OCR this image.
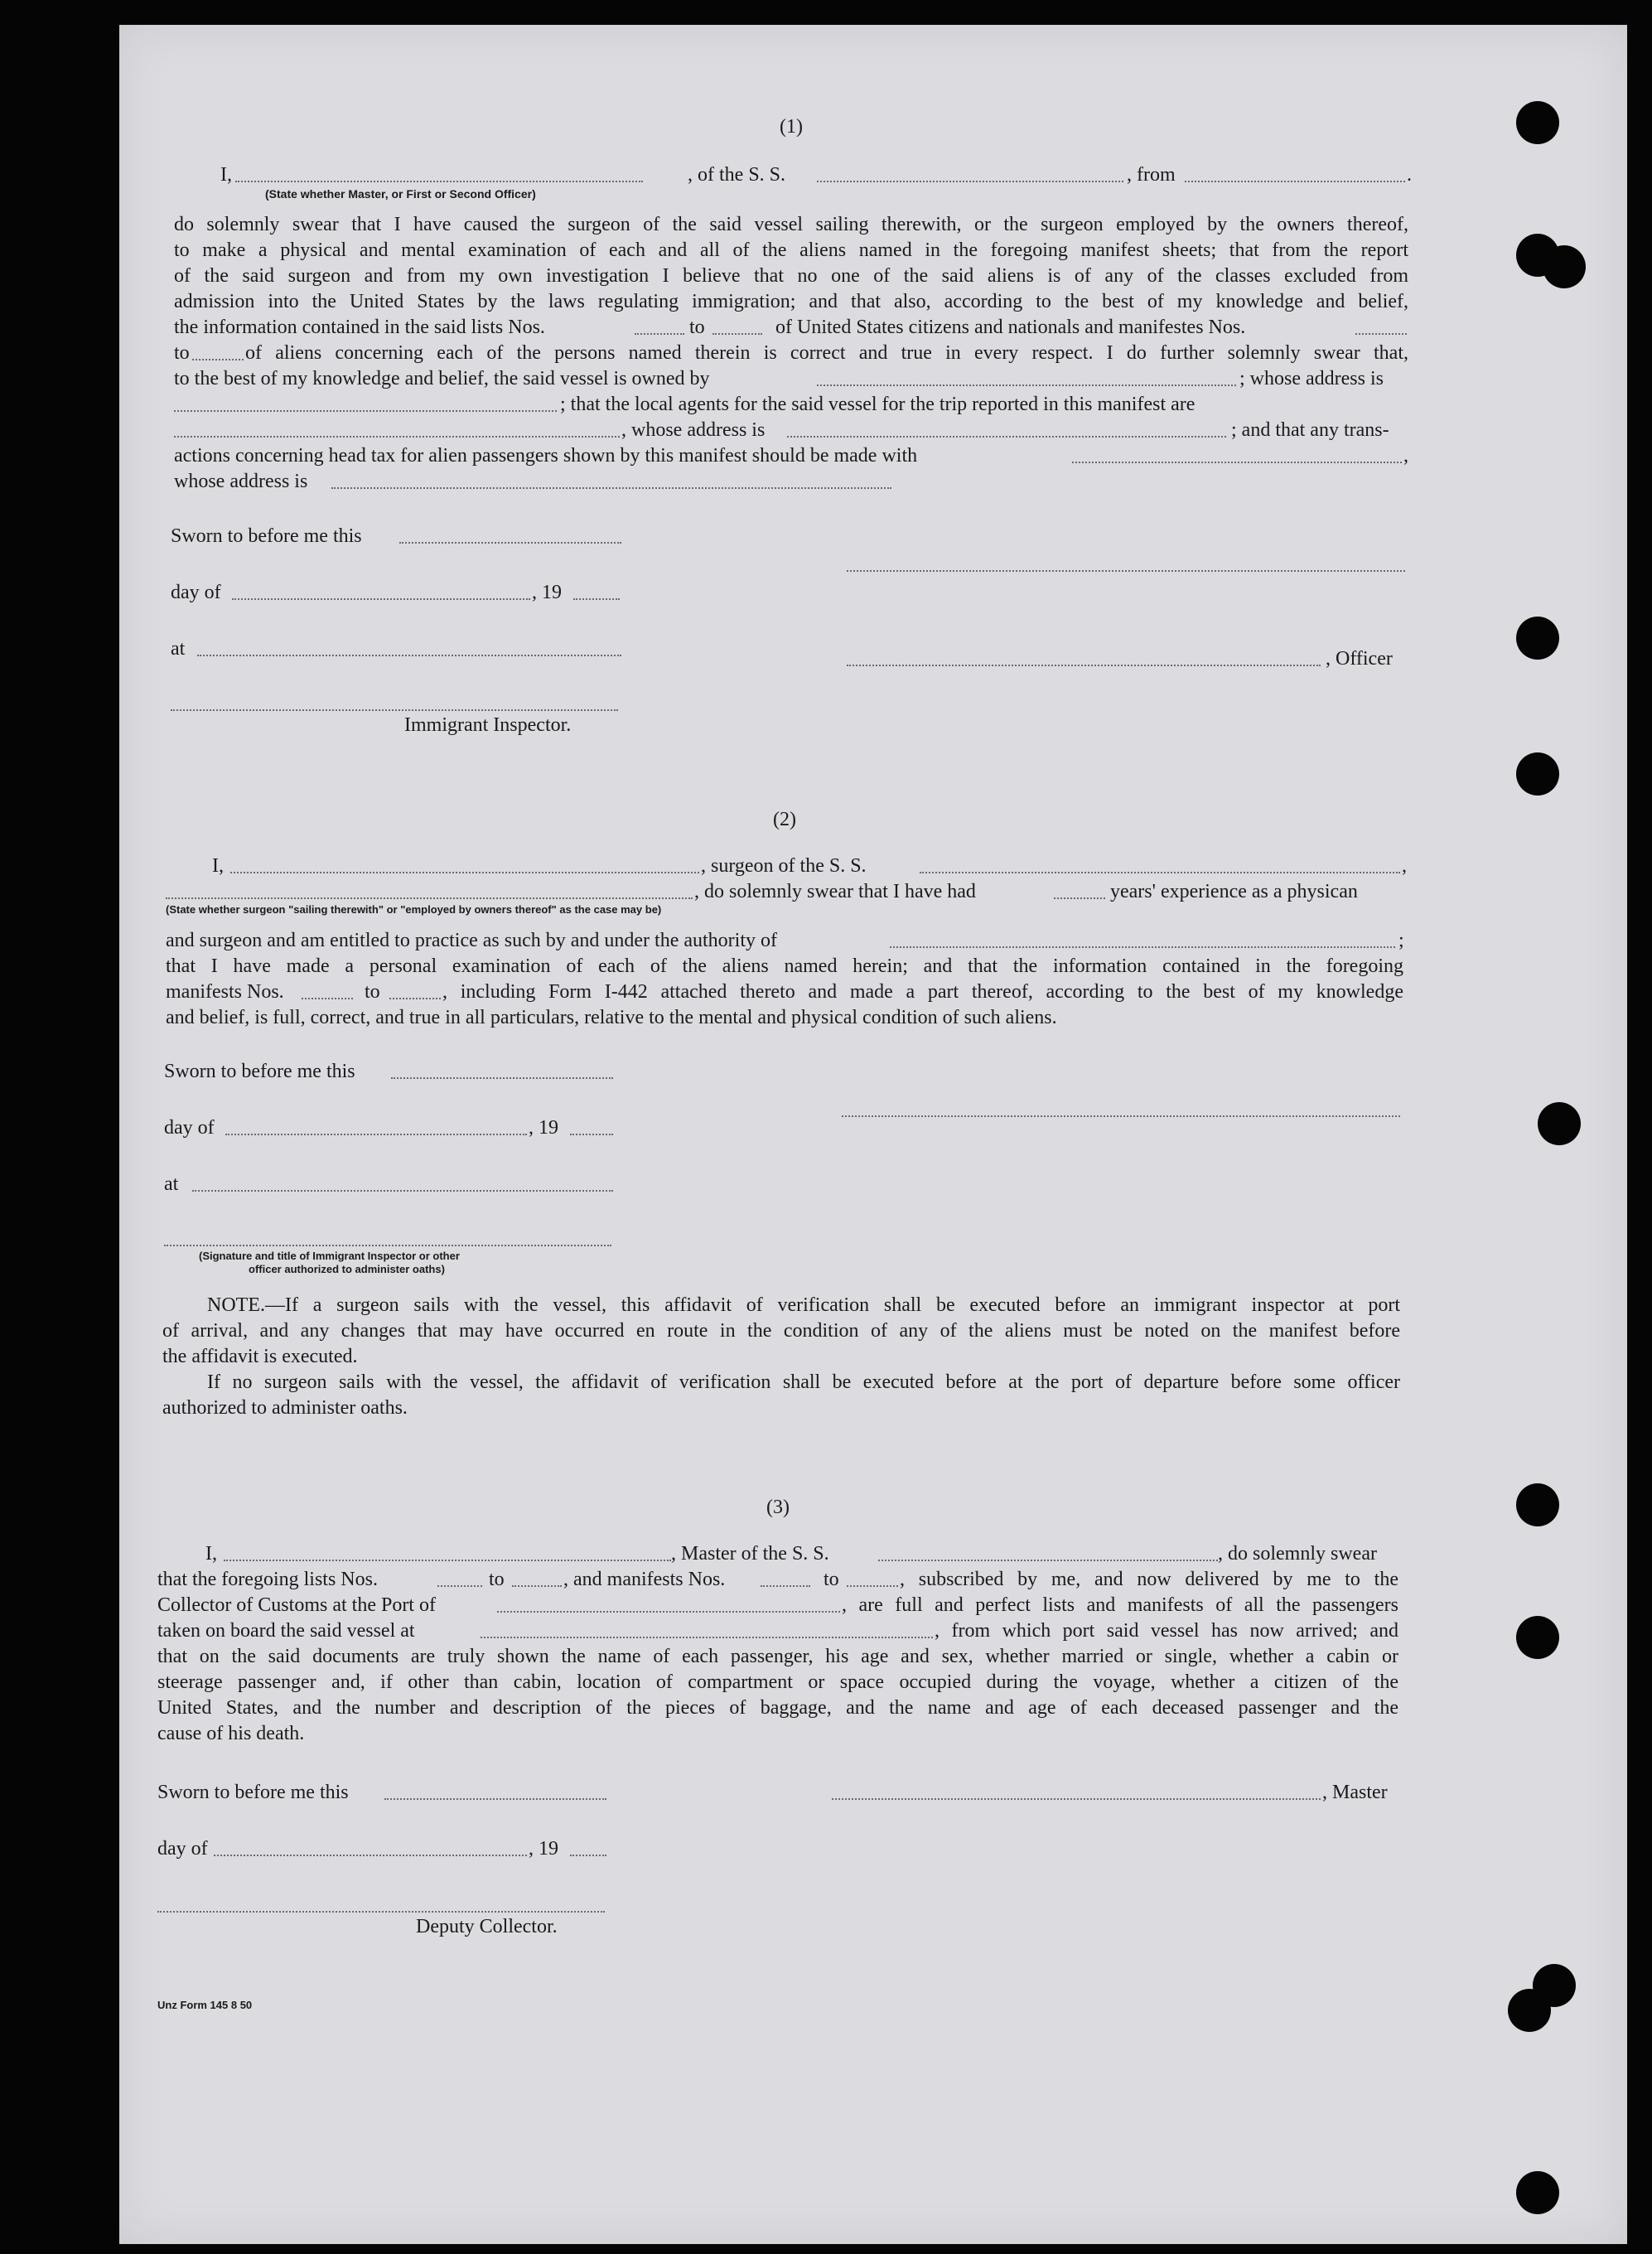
(1)
I,	, of the S. S.	, from	.
(State whether Master, or First or Second Officer)
do solemnly swear that I have caused the surgeon of the said vessel sailing therewith, or the surgeon employed by the owners thereof,
to make a physical and mental examination of each and all of the aliens named in the foregoing manifest sheets; that from the report
of the said surgeon and from my own investigation I believe that no one of the said aliens is of any of the classes excluded from
admission into the United States by the laws regulating immigration; and that also, according to the best of my knowledge and belief,
the information contained in the said lists Nos.	to	of United States citizens and nationals and manifestes Nos.
to	of aliens concerning each of the persons named therein is correct and true in every respect. I do further solemnly swear that,
to the best of my knowledge and belief, the said vessel is owned by	; whose address is
; that the local agents for the said vessel for the trip reported in this manifest are
, whose address is	; and that any trans-
actions concerning head tax for alien passengers shown by this manifest should be made with	,
whose address is
Sworn to before me this
day of	, 19
at	, Officer
Immigrant Inspector.
(2)
I,	, surgeon of the S. S.	,
, do solemnly swear that I have had	years' experience as a physican
(State whether surgeon "sailing therewith" or "employed by owners thereof" as the case may be)
and surgeon and am entitled to practice as such by and under the authority of	;
that I have made a personal examination of each of the aliens named herein; and that the information contained in the foregoing
manifests Nos.	to	, including Form I-442 attached thereto and made a part thereof, according to the best of my knowledge
and belief, is full, correct, and true in all particulars, relative to the mental and physical condition of such aliens.
Sworn to before me this
day of	, 19
at
(Signature and title of Immigrant Inspector or other
officer authorized to administer oaths)
NOTE.—If a surgeon sails with the vessel, this affidavit of verification shall be executed before an immigrant inspector at port
of arrival, and any changes that may have occurred en route in the condition of any of the aliens must be noted on the manifest before
the affidavit is executed.
If no surgeon sails with the vessel, the affidavit of verification shall be executed before at the port of departure before some officer
authorized to administer oaths.
(3)
I,	, Master of the S. S.	, do solemnly swear
that the foregoing lists Nos.	to	, and manifests Nos.	to	, subscribed by me, and now delivered by me to the
Collector of Customs at the Port of	, are full and perfect lists and manifests of all the passengers
taken on board the said vessel at	, from which port said vessel has now arrived; and
that on the said documents are truly shown the name of each passenger, his age and sex, whether married or single, whether a cabin or
steerage passenger and, if other than cabin, location of compartment or space occupied during the voyage, whether a citizen of the
United States, and the number and description of the pieces of baggage, and the name and age of each deceased passenger and the
cause of his death.
Sworn to before me this	, Master
day of	, 19
Deputy Collector.
Unz Form 145 8 50
